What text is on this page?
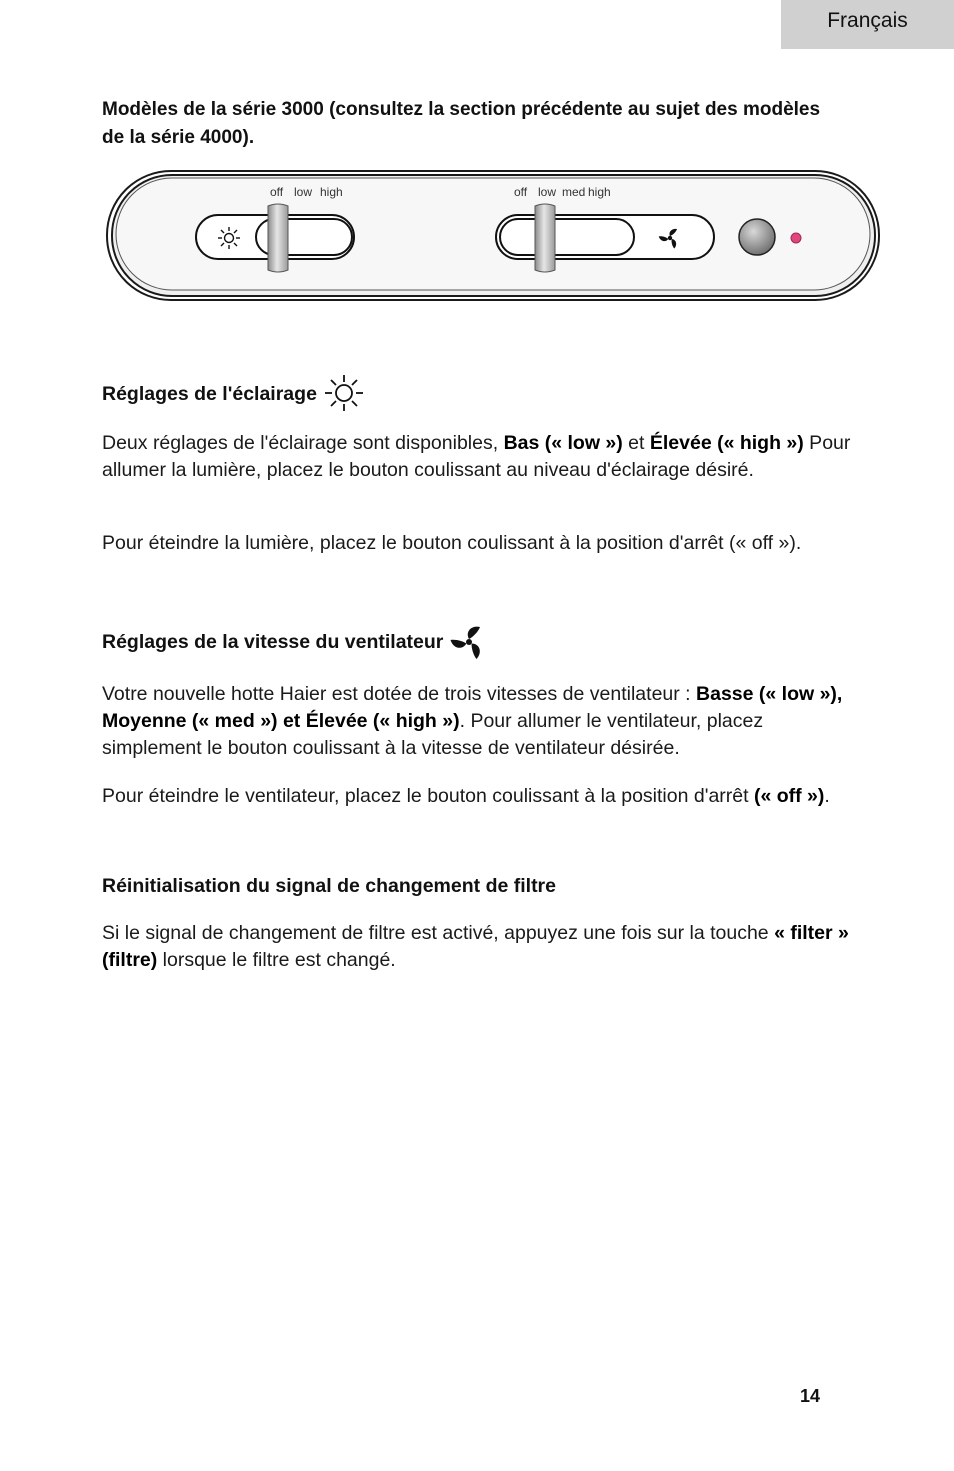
Français
Modèles de la série 3000 (consultez la section précédente au sujet des modèles de la série 4000).
off low high	off low med high
Réglages de l'éclairage
Deux réglages de l'éclairage sont disponibles, Bas (« low ») et Élevée (« high ») Pour allumer la lumière, placez le bouton coulissant au niveau d'éclairage désiré.
Pour éteindre la lumière, placez le bouton coulissant à la position d'arrêt (« off »).
Réglages de la vitesse du ventilateur
Votre nouvelle hotte Haier est dotée de trois vitesses de ventilateur : Basse (« low »), Moyenne (« med ») et Élevée (« high »). Pour allumer le ventilateur, placez simplement le bouton coulissant à la vitesse de ventilateur désirée.
Pour éteindre le ventilateur, placez le bouton coulissant à la position d'arrêt (« off »).
Réinitialisation du signal de changement de filtre
Si le signal de changement de filtre est activé, appuyez une fois sur la touche « filter » (filtre) lorsque le filtre est changé.
14
